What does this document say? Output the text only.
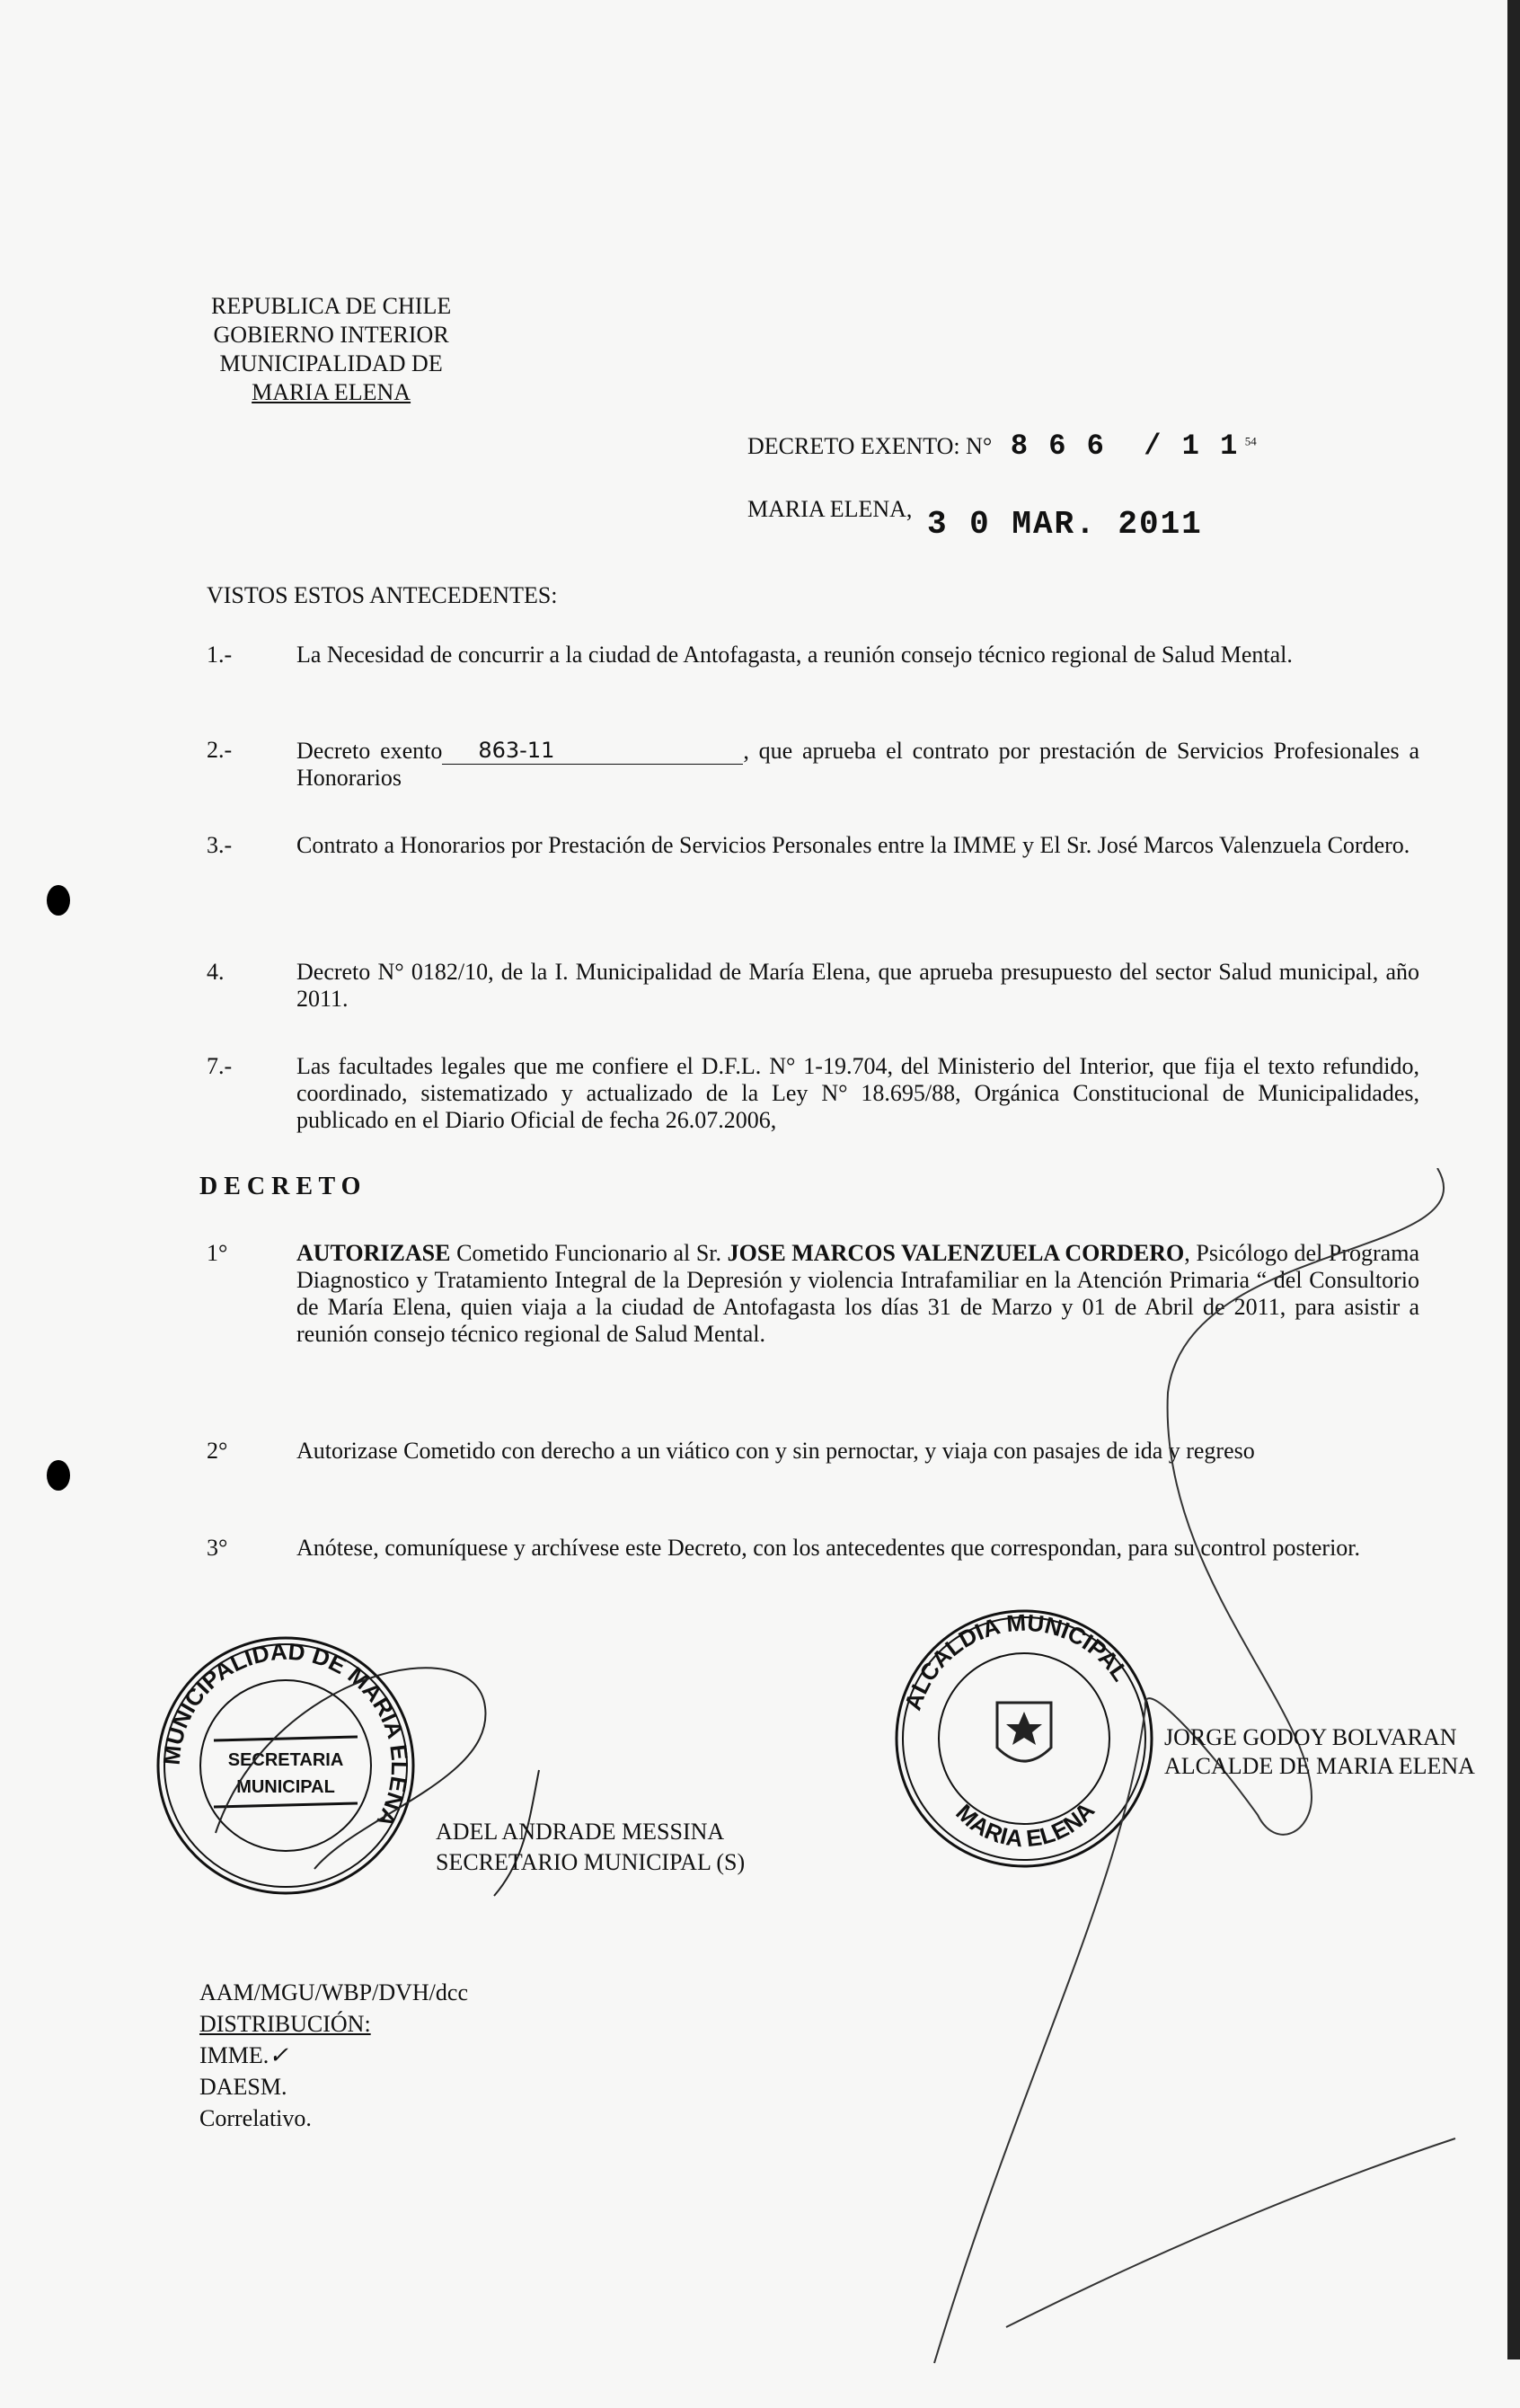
REPUBLICA DE CHILE
GOBIERNO INTERIOR
MUNICIPALIDAD DE
MARIA ELENA
DECRETO EXENTO: N° 8 6 6  / 1 1 $^{54}$
MARIA ELENA, 3 0 MAR. 2011
VISTOS ESTOS ANTECEDENTES:
1.-	La Necesidad de concurrir a la ciudad de Antofagasta, a reunión consejo técnico regional de Salud Mental.
2.-	Decreto exento 863-11	, que aprueba el contrato por prestación de Servicios Profesionales a Honorarios
3.-	Contrato a Honorarios por Prestación de Servicios Personales entre la IMME y El Sr. José Marcos Valenzuela Cordero.
4.	Decreto N° 0182/10, de la I. Municipalidad de María Elena, que aprueba presupuesto del sector Salud municipal, año 2011.
7.-	Las facultades legales que me confiere el D.F.L. N° 1-19.704, del Ministerio del Interior, que fija el texto refundido, coordinado, sistematizado y actualizado de la Ley N° 18.695/88, Orgánica Constitucional de Municipalidades, publicado en el Diario Oficial de fecha 26.07.2006,
D E C R E T O
1°	AUTORIZASE Cometido Funcionario al Sr. JOSE MARCOS VALENZUELA CORDERO, Psicólogo del Programa Diagnostico y Tratamiento Integral de la Depresión y violencia Intrafamiliar en la Atención Primaria “ del Consultorio de María Elena, quien viaja a la ciudad de Antofagasta los días 31 de Marzo y 01 de Abril de 2011, para asistir a reunión consejo técnico regional de Salud Mental.
2°	Autorizase Cometido con derecho a un viático con y sin pernoctar, y viaja con pasajes de ida y regreso
3°	Anótese, comuníquese y archívese este Decreto, con los antecedentes que correspondan, para su control posterior.
MUNICIPALIDAD DE MARIA ELENA
SECRETARIA
MUNICIPAL
ADEL ANDRADE MESSINA
SECRETARIO MUNICIPAL (S)
ALCALDIA MUNICIPAL
MARIA ELENA
JORGE GODOY BOLVARAN
ALCALDE DE MARIA ELENA
AAM/MGU/WBP/DVH/dcc
DISTRIBUCIÓN:
IMME.✓
DAESM.
Correlativo.
